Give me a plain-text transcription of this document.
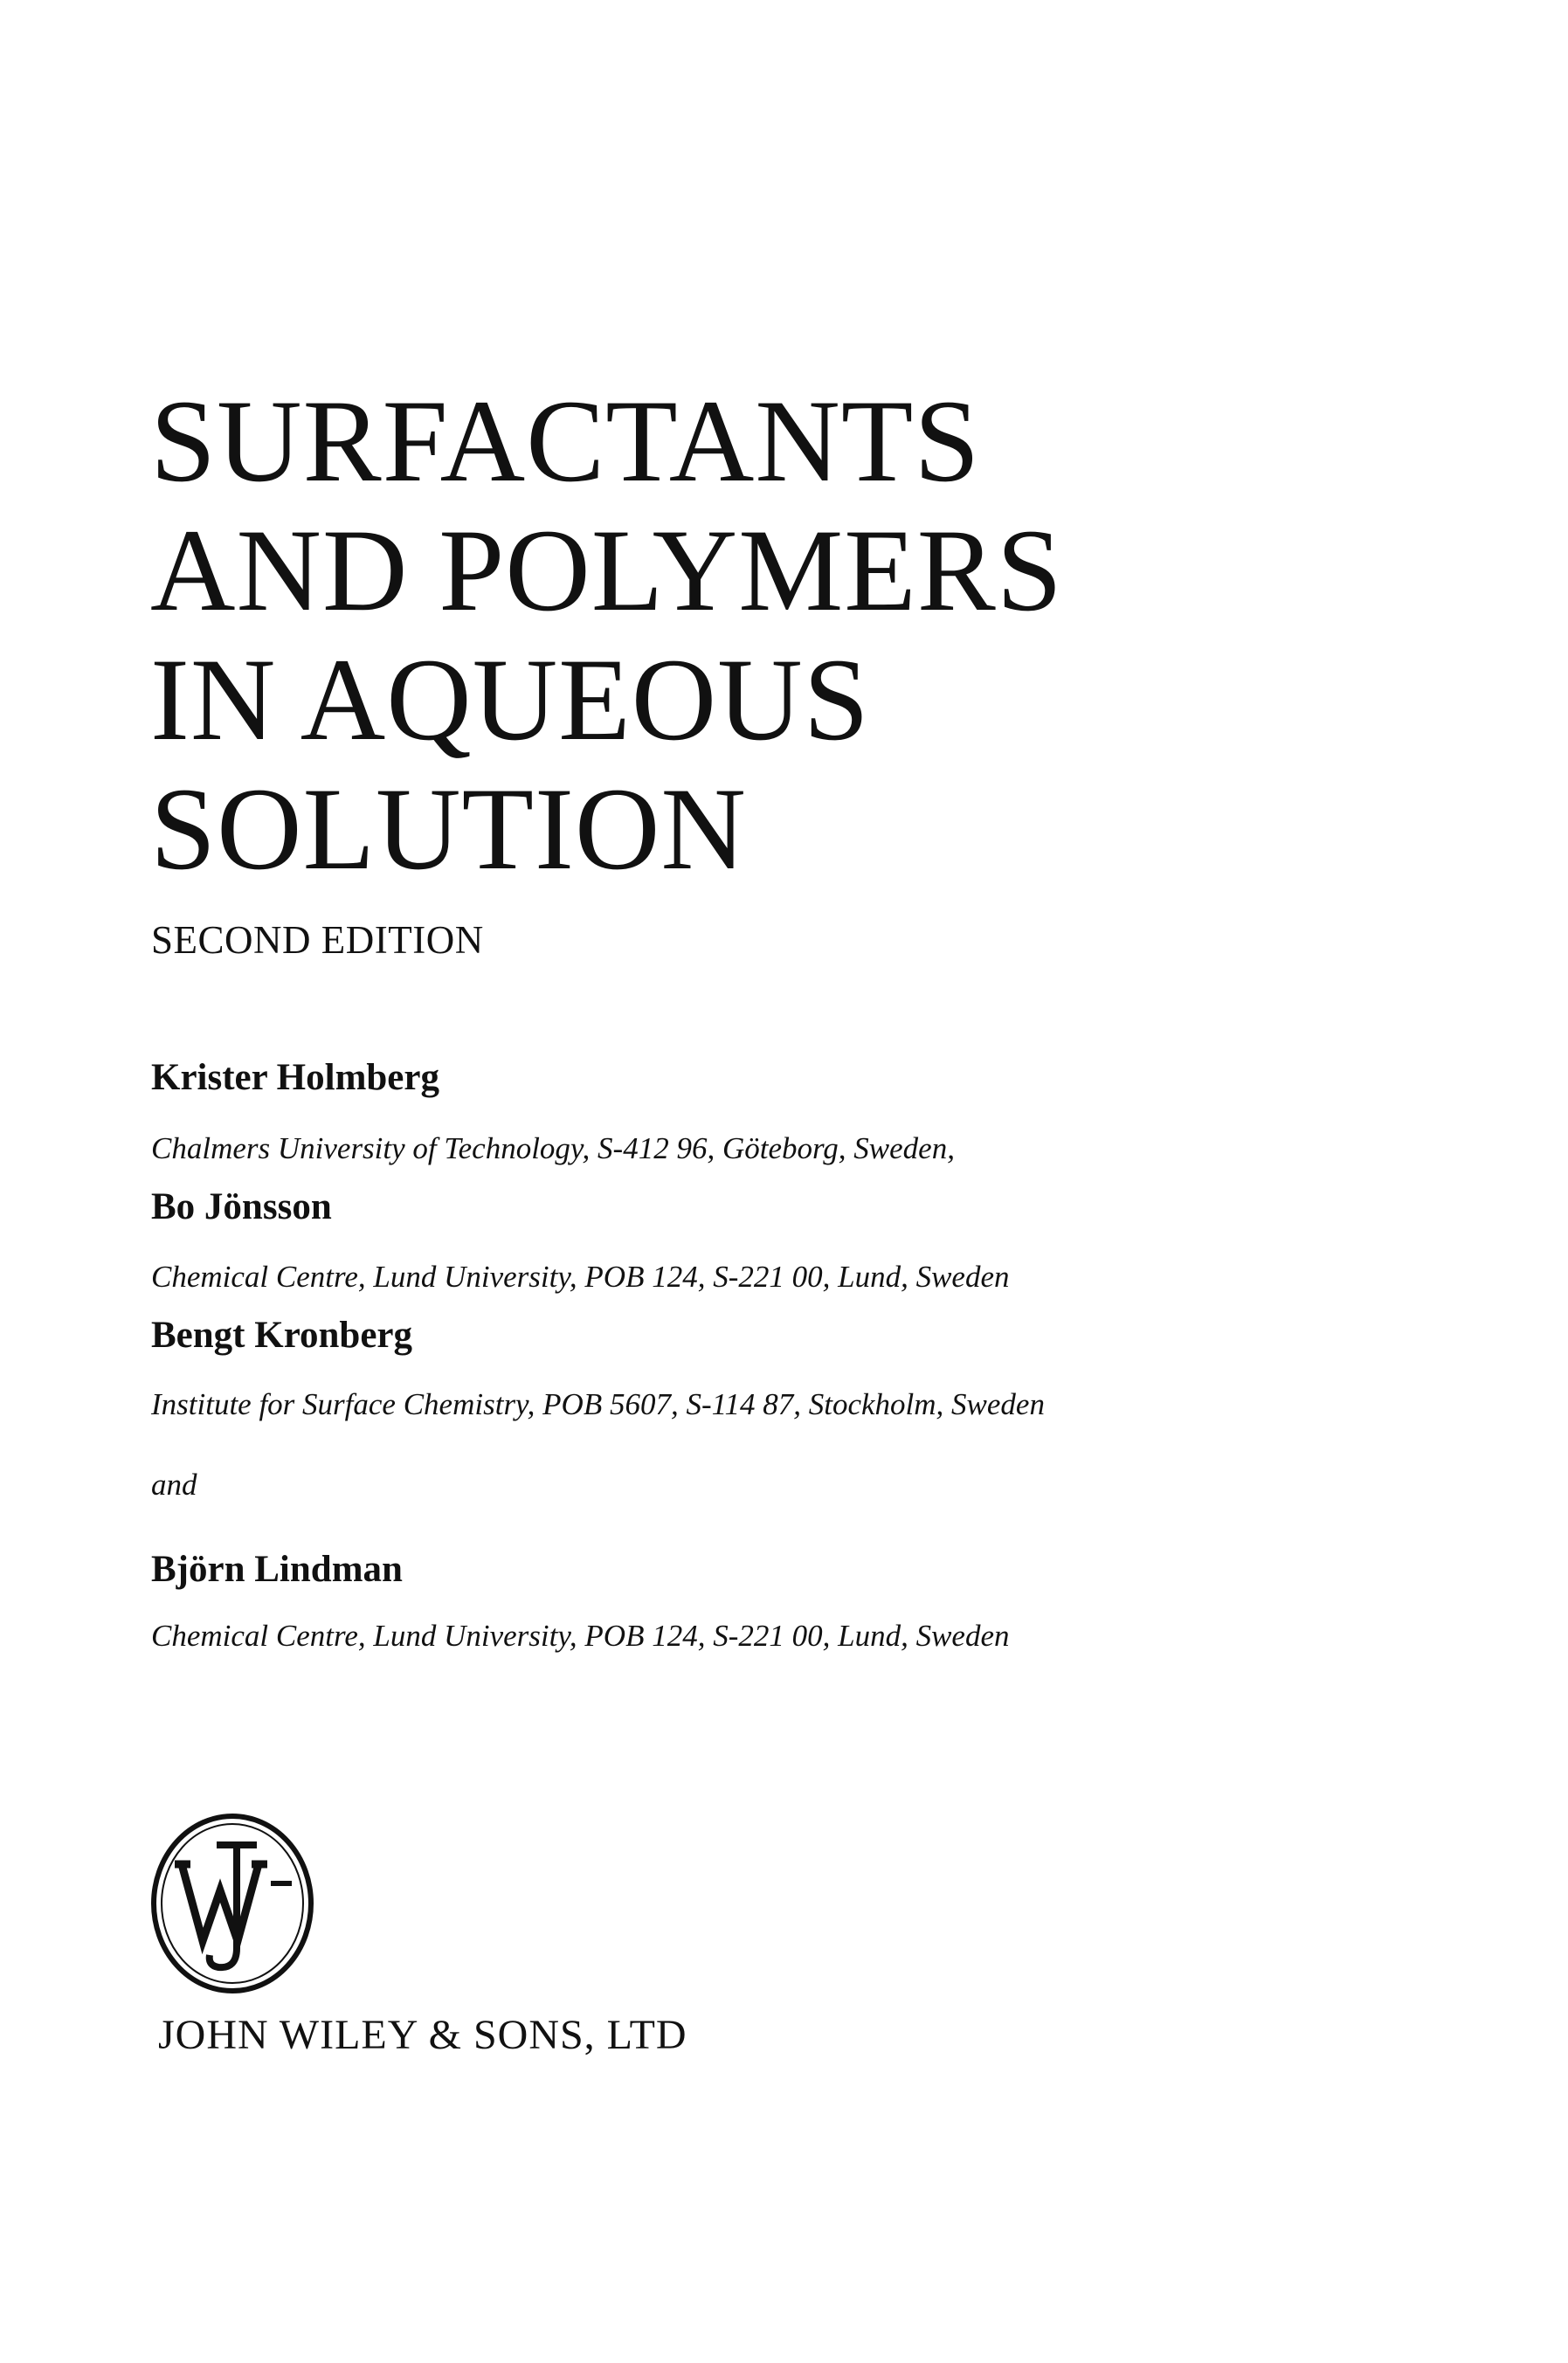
SURFACTANTS
AND POLYMERS
IN AQUEOUS
SOLUTION
SECOND EDITION
Krister Holmberg
Chalmers University of Technology, S-412 96, Göteborg, Sweden,
Bo Jönsson
Chemical Centre, Lund University, POB 124, S-221 00, Lund, Sweden
Bengt Kronberg
Institute for Surface Chemistry, POB 5607, S-114 87, Stockholm, Sweden
and
Björn Lindman
Chemical Centre, Lund University, POB 124, S-221 00, Lund, Sweden
JOHN WILEY & SONS, LTD
